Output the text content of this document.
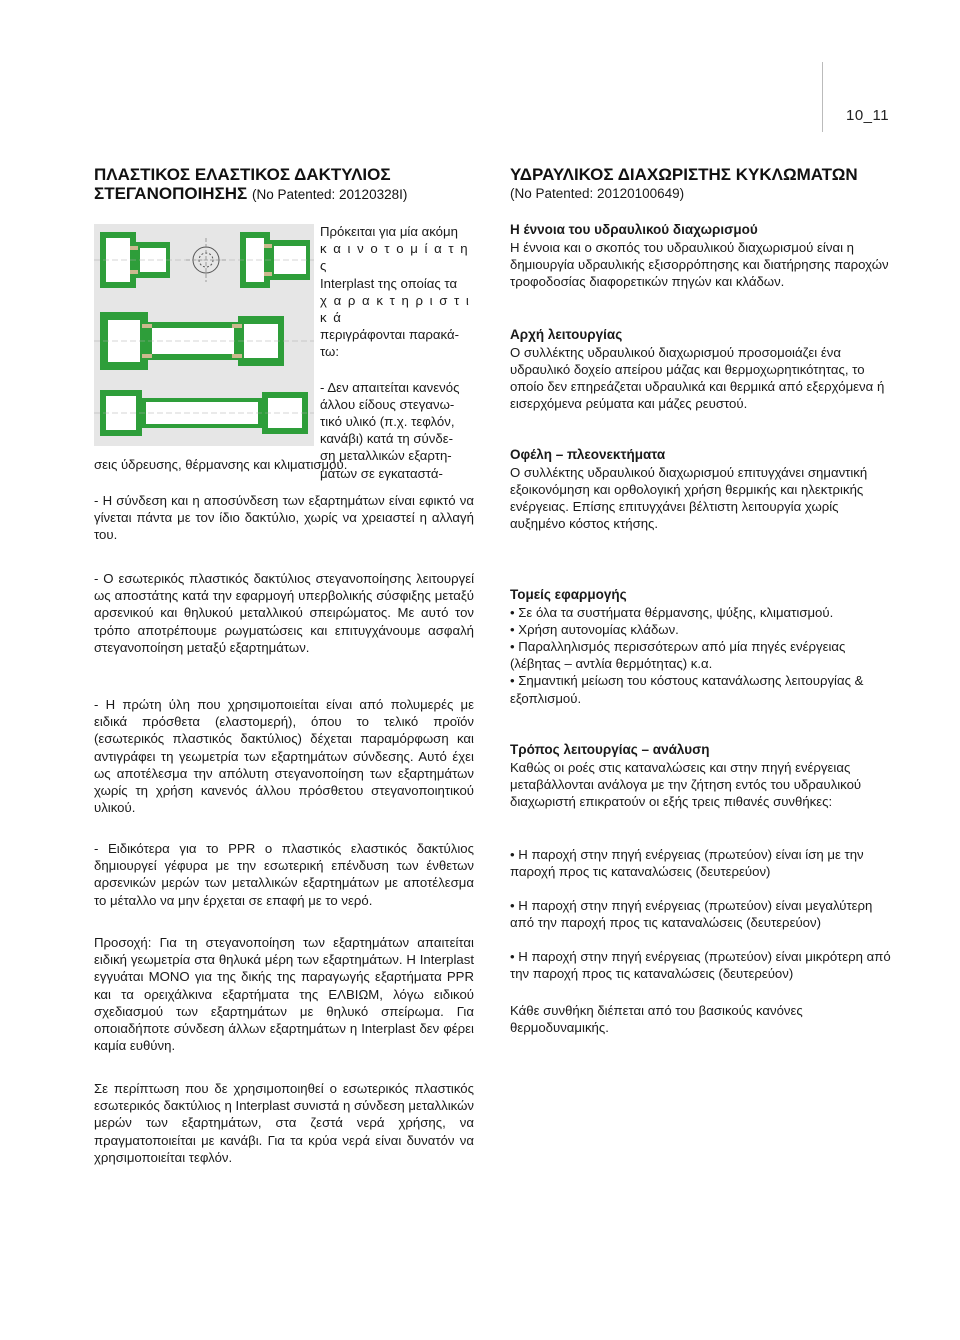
10_11
ΠΛΑΣΤΙΚΟΣ ΕΛΑΣΤΙΚΟΣ ΔΑΚΤΥΛΙΟΣ
ΣΤΕΓΑΝΟΠΟΙΗΣΗΣ (No Patented: 20120328I)

Πρόκειται για μία ακόμη

κ α ι ν ο τ ο μ ί α τ η ς

Interplast της οποίας τα

χ α ρ α κ τ η ρ ι σ τ ι κ ά

περιγράφονται παρακά-

τω:

- Δεν απαιτείται κανενός

άλλου είδους στεγανω-

τικό υλικό (π.χ. τεφλόν,

κανάβι) κατά τη σύνδε-

ση μεταλλικών εξαρτη-

μάτων σε εγκαταστά-

σεις ύδρευσης, θέρμανσης και κλιματισμού.

- Η σύνδεση και η αποσύνδεση των εξαρτημάτων είναι εφικτό να γίνεται πάντα με τον ίδιο δακτύλιο, χωρίς να χρειαστεί η αλλαγή του.

- Ο εσωτερικός πλαστικός δακτύλιος στεγανοποίησης λειτουργεί ως αποστάτης κατά την εφαρμογή υπερβολικής σύσφιξης μεταξύ αρσενικού και θηλυκού μεταλλικού σπειρώματος. Με αυτό τον τρόπο αποτρέπουμε ρωγματώσεις και επιτυγχάνουμε ασφαλή στεγανοποίηση μεταξύ εξαρτημάτων.

- Η πρώτη ύλη που χρησιμοποιείται είναι από πολυμερές με ειδικά πρόσθετα (ελαστομερή), όπου το τελικό προϊόν (εσωτερικός πλαστικός δακτύλιος) δέχεται παραμόρφωση και αντιγράφει τη γεωμετρία των εξαρτημάτων σύνδεσης. Αυτό έχει ως αποτέλεσμα την απόλυτη στεγανοποίηση των εξαρτημάτων χωρίς τη χρήση κανενός άλλου πρόσθετου στεγανοποιητικού υλικού.

- Ειδικότερα για το PPR ο πλαστικός ελαστικός δακτύλιος δημιουργεί γέφυρα με την εσωτερική επένδυση των ένθετων αρσενικών μερών των μεταλλικών εξαρτημάτων με αποτέλεσμα το μέταλλο να μην έρχεται σε επαφή με το νερό.

Προσοχή: Για τη στεγανοποίηση των εξαρτημάτων απαιτείται ειδική γεωμετρία στα θηλυκά μέρη των εξαρτημάτων. Η Interplast εγγυάται ΜΟΝΟ για της δικής της παραγωγής εξαρτήματα PPR και τα ορειχάλκινα εξαρτήματα της ΕΛΒΙΩΜ, λόγω ειδικού σχεδιασμού των εξαρτημάτων με θηλυκό σπείρωμα. Για οποιαδήποτε σύνδεση άλλων εξαρτημάτων η Interplast δεν φέρει καμία ευθύνη.

Σε περίπτωση που δε χρησιμοποιηθεί ο εσωτερικός πλαστικός εσωτερικός δακτύλιος η Interplast συνιστά η σύνδεση μεταλλικών μερών των εξαρτημάτων, στα ζεστά νερά χρήσης, να πραγματοποιείται με κανάβι. Για τα κρύα νερά είναι δυνατόν να χρησιμοποιείται τεφλόν.

ΥΔΡΑΥΛΙΚΟΣ ΔΙΑΧΩΡΙΣΤΗΣ ΚΥΚΛΩΜΑΤΩΝ
(No Patented: 20120100649)

Η έννοια του υδραυλικού διαχωρισμού

Η έννοια και ο σκοπός του υδραυλικού διαχωρισμού είναι η δημιουργία υδραυλικής εξισορρόπησης και διατήρησης παροχών τροφοδοσίας διαφορετικών πηγών και κλάδων.

Αρχή λειτουργίας

Ο συλλέκτης υδραυλικού διαχωρισμού προσομοιάζει ένα υδραυλικό δοχείο απείρου μάζας και θερμοχωρητικότητας, το οποίο δεν επηρεάζεται υδραυλικά και θερμικά από εξερχόμενα ή εισερχόμενα ρεύματα και μάζες ρευστού.

Οφέλη – πλεονεκτήματα

Ο συλλέκτης υδραυλικού διαχωρισμού επιτυγχάνει σημαντική εξοικονόμηση και ορθολογική χρήση θερμικής και ηλεκτρικής ενέργειας. Επίσης επιτυγχάνει βέλτιστη λειτουργία χωρίς αυξημένο κόστος κτήσης.

Τομείς εφαρμογής

• Σε όλα τα συστήματα θέρμανσης, ψύξης, κλιματισμού.

• Χρήση αυτονομίας κλάδων.

• Παραλληλισμός περισσότερων από μία πηγές ενέργειας (λέβητας – αντλία θερμότητας) κ.α.

• Σημαντική μείωση του κόστους κατανάλωσης λειτουργίας & εξοπλισμού.

Τρόπος λειτουργίας – ανάλυση

Καθώς οι ροές στις καταναλώσεις και στην πηγή ενέργειας μεταβάλλονται ανάλογα με την ζήτηση εντός του υδραυλικού διαχωριστή επικρατούν οι εξής τρεις πιθανές συνθήκες:

• Η παροχή στην πηγή ενέργειας (πρωτεύον) είναι ίση με την παροχή προς τις καταναλώσεις (δευτερεύον)

• Η παροχή στην πηγή ενέργειας (πρωτεύον) είναι μεγαλύτερη από την παροχή προς τις καταναλώσεις (δευτερεύον)

• Η παροχή στην πηγή ενέργειας (πρωτεύον) είναι μικρότερη από την παροχή προς τις καταναλώσεις (δευτερεύον)

Κάθε συνθήκη διέπεται από του βασικούς κανόνες θερμοδυναμικής.
